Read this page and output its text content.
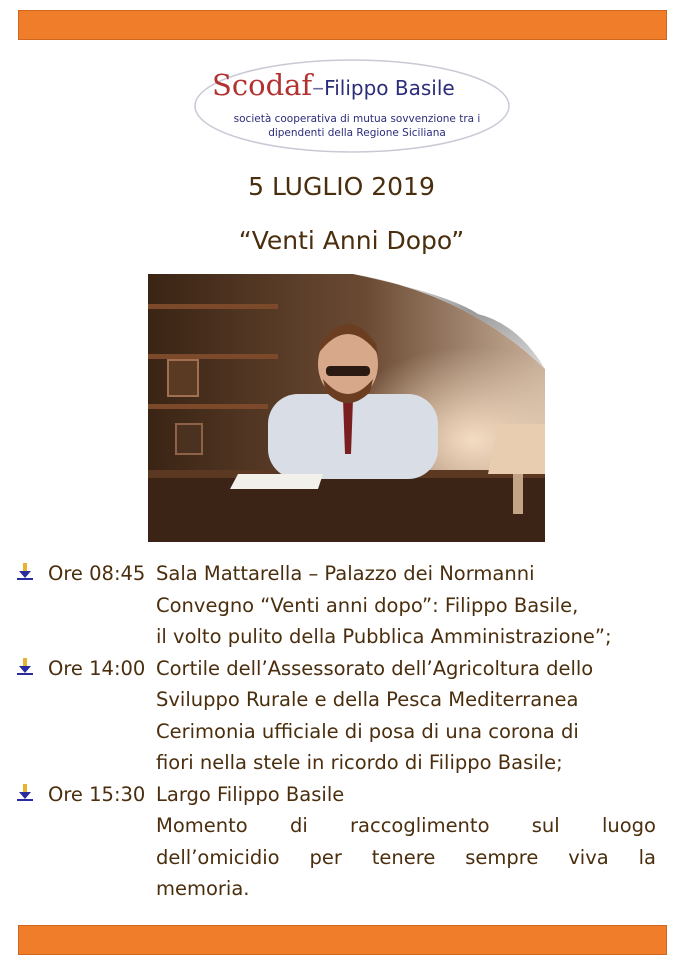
Scodaf–Filippo Basile
società cooperativa di mutua sovvenzione tra i
dipendenti della Regione Siciliana
5 LUGLIO 2019
“Venti Anni Dopo”
Ore 08:45 Sala Mattarella – Palazzo dei Normanni
Convegno “Venti anni dopo”: Filippo Basile,
il volto pulito della Pubblica Amministrazione”;
Ore 14:00 Cortile dell’Assessorato dell’Agricoltura dello
Sviluppo Rurale e della Pesca Mediterranea
Cerimonia ufficiale di posa di una corona di
fiori nella stele in ricordo di Filippo Basile;
Ore 15:30 Largo Filippo Basile
Momento di raccoglimento sul luogo
dell’omicidio per tenere sempre viva la
memoria.
